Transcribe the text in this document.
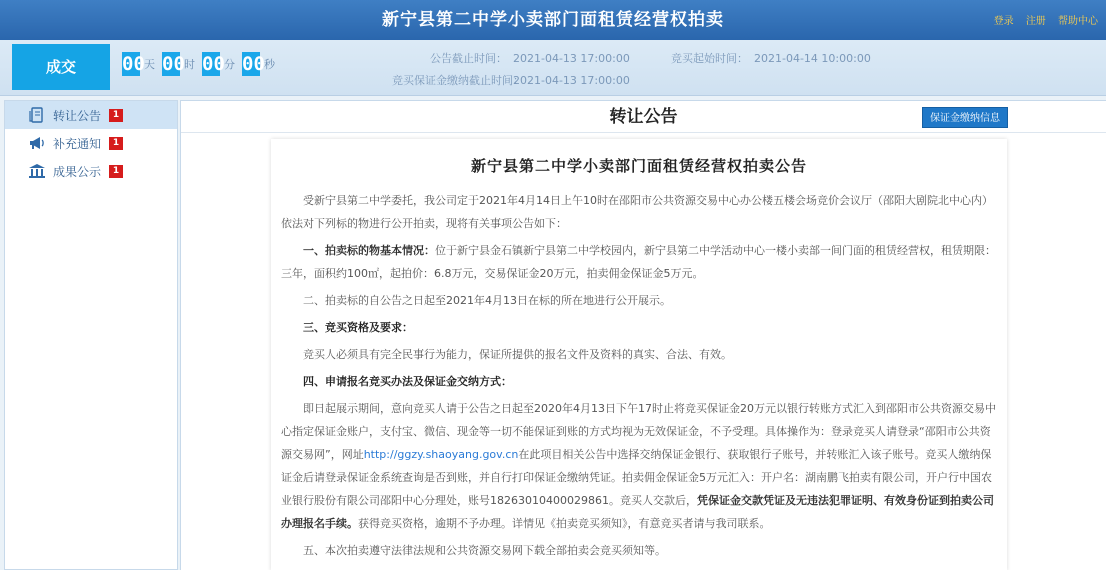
新宁县第二中学小卖部门面租赁经营权拍卖	登录 注册 帮助中心
成交	00 天 00 时 00 分 00 秒	公告截止时间： 2021-04-13 17:00:00
竞买保证金缴纳截止时间：2021-04-13 17:00:00
竞买起始时间： 2021-04-14 10:00:00
转让公告	1
补充通知	1
成果公示	1
转让公告	保证金缴纳信息
新宁县第二中学小卖部门面租赁经营权拍卖公告

受新宁县第二中学委托，我公司定于2021年4月14日上午10时在邵阳市公共资源交易中心办公楼五楼会场竞价会议厅（邵阳大剧院北中心内）依法对下列标的物进行公开拍卖，现将有关事项公告如下：

一、拍卖标的物基本情况：位于新宁县金石镇新宁县第二中学校园内，新宁县第二中学活动中心一楼小卖部一间门面的租赁经营权，租赁期限：三年，面积约100㎡，起拍价：6.8万元，交易保证金20万元，拍卖佣金保证金5万元。

二、拍卖标的自公告之日起至2021年4月13日在标的所在地进行公开展示。

三、竞买资格及要求：

竞买人必须具有完全民事行为能力，保证所提供的报名文件及资料的真实、合法、有效。

四、申请报名竞买办法及保证金交纳方式：

即日起展示期间，意向竞买人请于公告之日起至2020年4月13日下午17时止将竞买保证金20万元以银行转账方式汇入到邵阳市公共资源交易中心指定保证金账户，支付宝、微信、现金等一切不能保证到账的方式均视为无效保证金，不予受理。具体操作为：登录竞买人请登录“邵阳市公共资源交易网”，网址http://ggzy.shaoyang.gov.cn在此项目相关公告中选择交纳保证金银行、获取银行子账号，并转账汇入该子账号。竞买人缴纳保证金后请登录保证金系统查询是否到账，并自行打印保证金缴纳凭证。拍卖佣金保证金5万元汇入：开户名：湖南鹏飞拍卖有限公司，开户行中国农业银行股份有限公司邵阳中心分理处，账号18263010400029861。竞买人交款后，凭保证金交款凭证及无违法犯罪证明、有效身份证到拍卖公司办理报名手续。获得竞买资格，逾期不予办理。详情见《拍卖竞买须知》，有意竞买者请与我司联系。

五、本次拍卖遵守法律法规和公共资源交易网下载全部拍卖会竞买须知等。
